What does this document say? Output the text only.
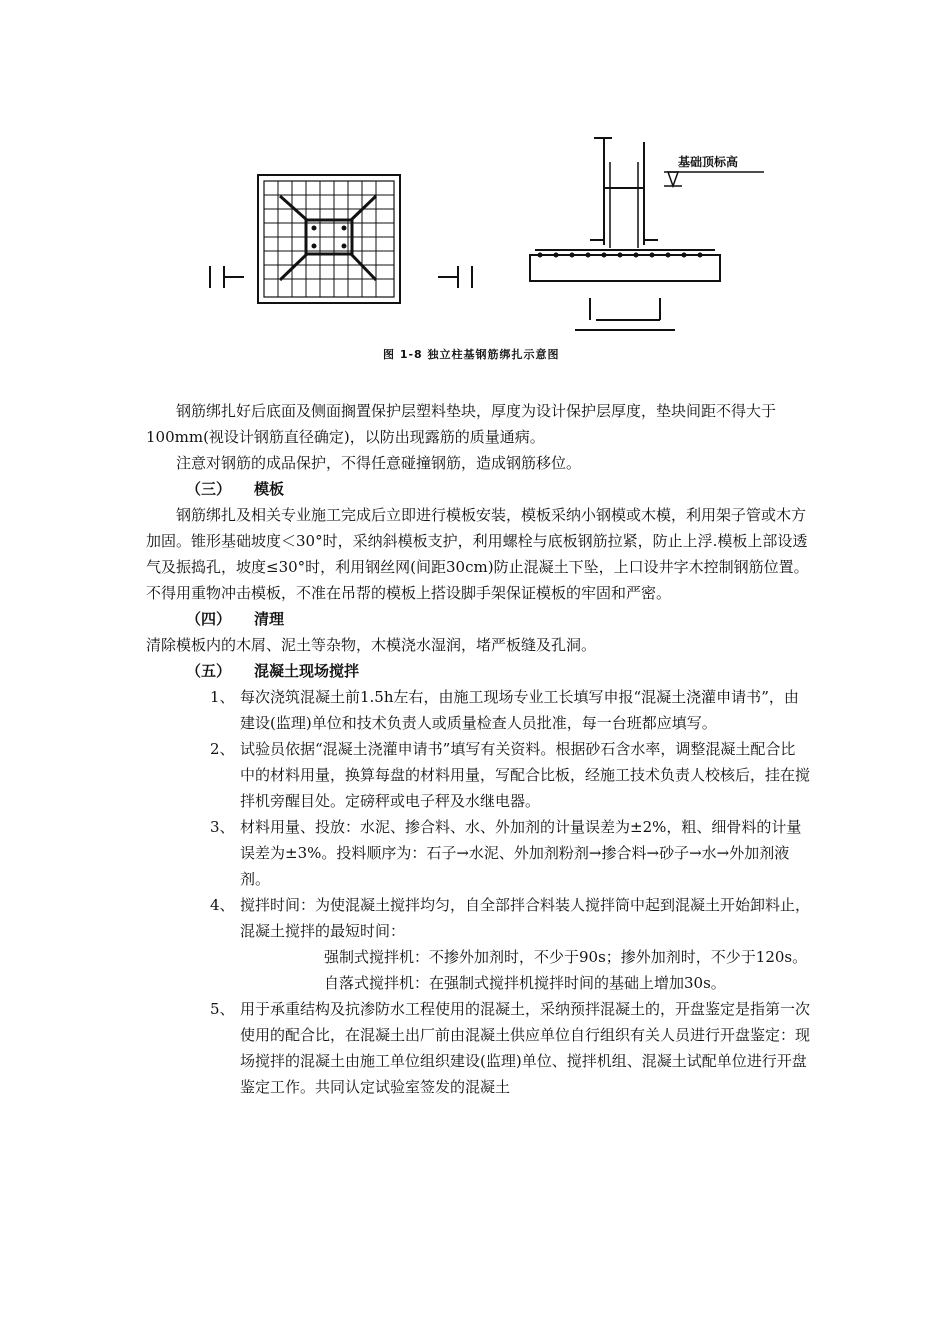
基础顶标高
图 1-8 独立柱基钢筋绑扎示意图

钢筋绑扎好后底面及侧面搁置保护层塑料垫块，厚度为设计保护层厚度，垫块间距不得大于100mm(视设计钢筋直径确定)，以防出现露筋的质量通病。

注意对钢筋的成品保护，不得任意碰撞钢筋，造成钢筋移位。

（三） 模板

钢筋绑扎及相关专业施工完成后立即进行模板安装，模板采纳小钢模或木模，利用架子管或木方加固。锥形基础坡度＜30°时，采纳斜模板支护，利用螺栓与底板钢筋拉紧，防止上浮.模板上部设透气及振捣孔，坡度≤30°时，利用钢丝网(间距30cm)防止混凝土下坠，上口设井字木控制钢筋位置。不得用重物冲击模板，不准在吊帮的模板上搭设脚手架保证模板的牢固和严密。

（四） 清理

清除模板内的木屑、泥土等杂物，木模浇水湿润，堵严板缝及孔洞。

（五） 混凝土现场搅拌

1、 每次浇筑混凝土前1.5h左右，由施工现场专业工长填写申报“混凝土浇灌申请书”，由建设(监理)单位和技术负责人或质量检查人员批准，每一台班都应填写。

2、 试验员依据“混凝土浇灌申请书”填写有关资料。根据砂石含水率，调整混凝土配合比中的材料用量，换算每盘的材料用量，写配合比板，经施工技术负责人校核后，挂在搅拌机旁醒目处。定磅秤或电子秤及水继电器。

3、 材料用量、投放：水泥、掺合料、水、外加剂的计量误差为±2%，粗、细骨料的计量误差为±3%。投料顺序为：石子→水泥、外加剂粉剂→掺合料→砂子→水→外加剂液剂。

4、 搅拌时间：为使混凝土搅拌均匀，自全部拌合料装人搅拌筒中起到混凝土开始卸料止，混凝土搅拌的最短时间：

强制式搅拌机：不掺外加剂时，不少于90s；掺外加剂时，不少于120s。

自落式搅拌机：在强制式搅拌机搅拌时间的基础上增加30s。

5、 用于承重结构及抗渗防水工程使用的混凝土，采纳预拌混凝土的，开盘鉴定是指第一次使用的配合比，在混凝土出厂前由混凝土供应单位自行组织有关人员进行开盘鉴定：现场搅拌的混凝土由施工单位组织建设(监理)单位、搅拌机组、混凝土试配单位进行开盘鉴定工作。共同认定试验室签发的混凝土
